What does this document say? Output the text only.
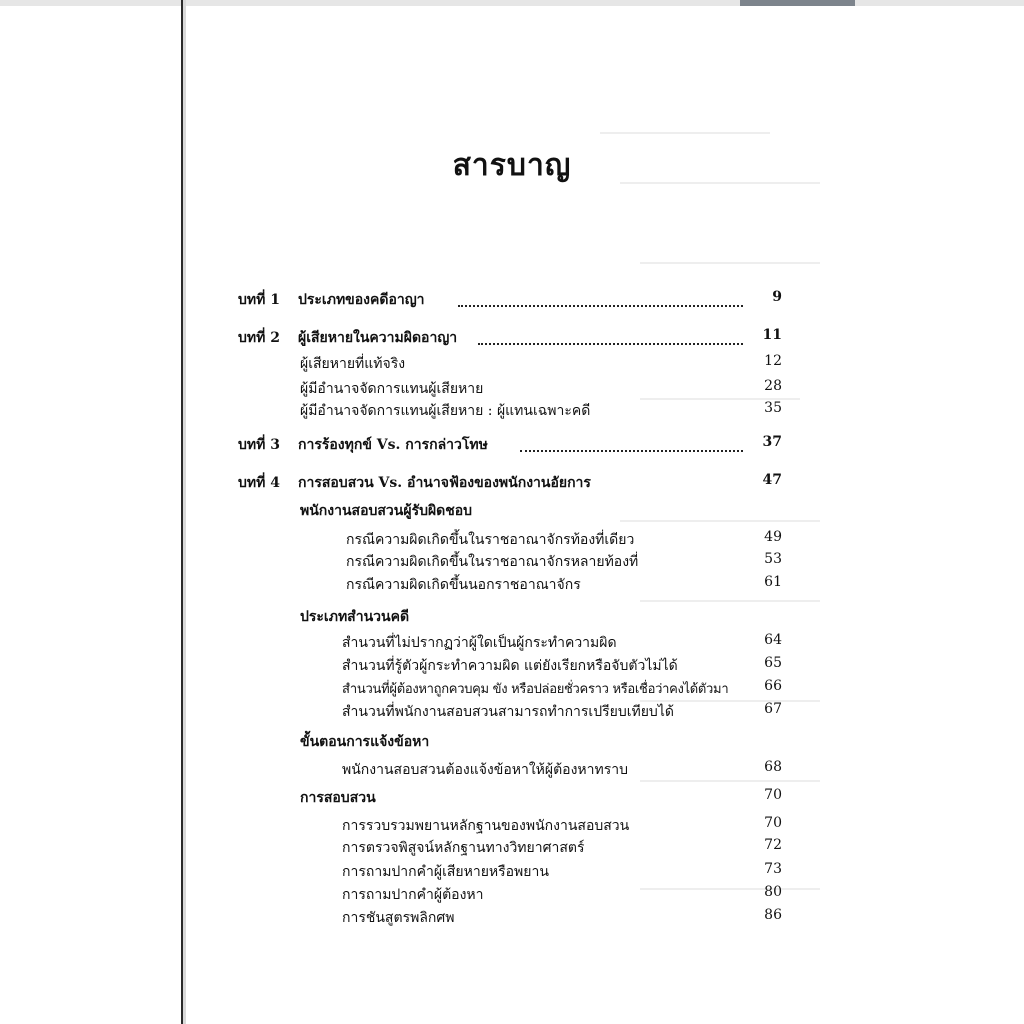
สารบาญ
บทที่ 1 ประเภทของคดีอาญา	9
บทที่ 2 ผู้เสียหายในความผิดอาญา	11
ผู้เสียหายที่แท้จริง	12
ผู้มีอำนาจจัดการแทนผู้เสียหาย	28
ผู้มีอำนาจจัดการแทนผู้เสียหาย : ผู้แทนเฉพาะคดี	35
บทที่ 3 การร้องทุกข์ Vs. การกล่าวโทษ	37
บทที่ 4 การสอบสวน Vs. อำนาจฟ้องของพนักงานอัยการ	47
พนักงานสอบสวนผู้รับผิดชอบ
กรณีความผิดเกิดขึ้นในราชอาณาจักรท้องที่เดียว	49
กรณีความผิดเกิดขึ้นในราชอาณาจักรหลายท้องที่	53
กรณีความผิดเกิดขึ้นนอกราชอาณาจักร	61
ประเภทสำนวนคดี
สำนวนที่ไม่ปรากฏว่าผู้ใดเป็นผู้กระทำความผิด	64
สำนวนที่รู้ตัวผู้กระทำความผิด แต่ยังเรียกหรือจับตัวไม่ได้	65
สำนวนที่ผู้ต้องหาถูกควบคุม ขัง หรือปล่อยชั่วคราว หรือเชื่อว่าคงได้ตัวมา	66
สำนวนที่พนักงานสอบสวนสามารถทำการเปรียบเทียบได้	67
ขั้นตอนการแจ้งข้อหา
พนักงานสอบสวนต้องแจ้งข้อหาให้ผู้ต้องหาทราบ	68
การสอบสวน	70
การรวบรวมพยานหลักฐานของพนักงานสอบสวน	70
การตรวจพิสูจน์หลักฐานทางวิทยาศาสตร์	72
การถามปากคำผู้เสียหายหรือพยาน	73
การถามปากคำผู้ต้องหา	80
การชันสูตรพลิกศพ	86
